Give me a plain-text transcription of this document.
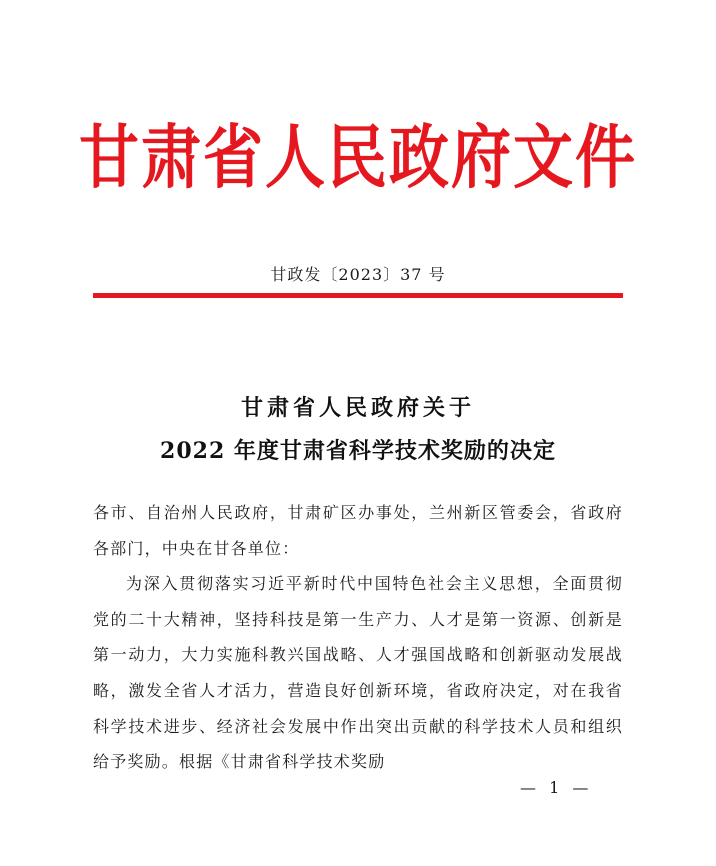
甘肃省人民政府文件
甘政发〔2023〕37 号
甘肃省人民政府关于
2022 年度甘肃省科学技术奖励的决定

各市、自治州人民政府，甘肃矿区办事处，兰州新区管委会，省政府各部门，中央在甘各单位：

为深入贯彻落实习近平新时代中国特色社会主义思想，全面贯彻党的二十大精神，坚持科技是第一生产力、人才是第一资源、创新是第一动力，大力实施科教兴国战略、人才强国战略和创新驱动发展战略，激发全省人才活力，营造良好创新环境，省政府决定，对在我省科学技术进步、经济社会发展中作出突出贡献的科学技术人员和组织给予奖励。根据《甘肃省科学技术奖励

— 1 —
